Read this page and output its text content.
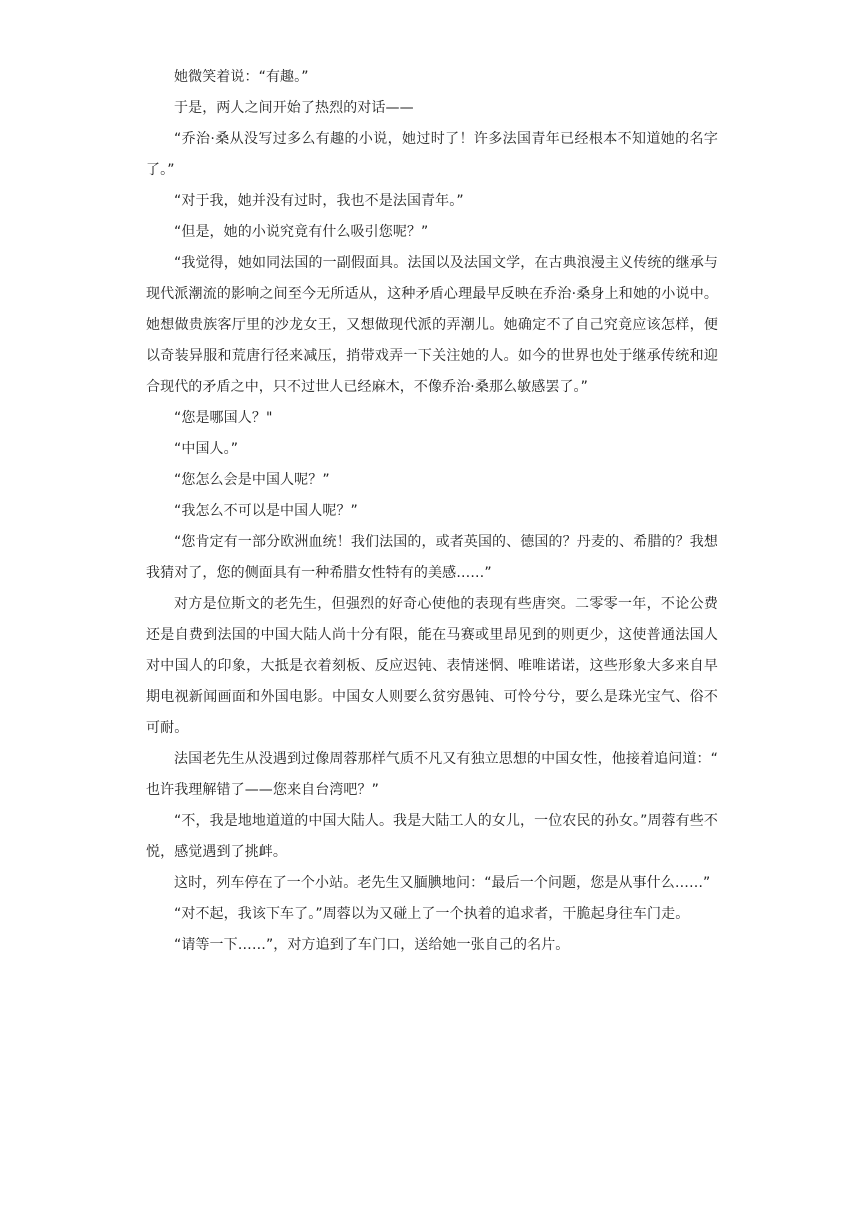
她微笑着说：“有趣。”

于是，两人之间开始了热烈的对话——

“乔治·桑从没写过多么有趣的小说，她过时了！许多法国青年已经根本不知道她的名字了。”

“对于我，她并没有过时，我也不是法国青年。”

“但是，她的小说究竟有什么吸引您呢？”

“我觉得，她如同法国的一副假面具。法国以及法国文学，在古典浪漫主义传统的继承与现代派潮流的影响之间至今无所适从，这种矛盾心理最早反映在乔治·桑身上和她的小说中。她想做贵族客厅里的沙龙女王，又想做现代派的弄潮儿。她确定不了自己究竟应该怎样，便以奇装异服和荒唐行径来减压，捎带戏弄一下关注她的人。如今的世界也处于继承传统和迎合现代的矛盾之中，只不过世人已经麻木，不像乔治·桑那么敏感罢了。”

“您是哪国人？"

“中国人。”

“您怎么会是中国人呢？”

“我怎么不可以是中国人呢？”

“您肯定有一部分欧洲血统！我们法国的，或者英国的、德国的？丹麦的、希腊的？我想我猜对了，您的侧面具有一种希腊女性特有的美感……”

对方是位斯文的老先生，但强烈的好奇心使他的表现有些唐突。二零零一年，不论公费还是自费到法国的中国大陆人尚十分有限，能在马赛或里昂见到的则更少，这使普通法国人对中国人的印象，大抵是衣着刻板、反应迟钝、表情迷惘、唯唯诺诺，这些形象大多来自早期电视新闻画面和外国电影。中国女人则要么贫穷愚钝、可怜兮兮，要么是珠光宝气、俗不可耐。

法国老先生从没遇到过像周蓉那样气质不凡又有独立思想的中国女性，他接着追问道：“也许我理解错了——您来自台湾吧？”

“不，我是地地道道的中国大陆人。我是大陆工人的女儿，一位农民的孙女。”周蓉有些不悦，感觉遇到了挑衅。

这时，列车停在了一个小站。老先生又腼腆地问：“最后一个问题，您是从事什么……”

“对不起，我该下车了。”周蓉以为又碰上了一个执着的追求者，干脆起身往车门走。

“请等一下……”，对方追到了车门口，送给她一张自己的名片。
